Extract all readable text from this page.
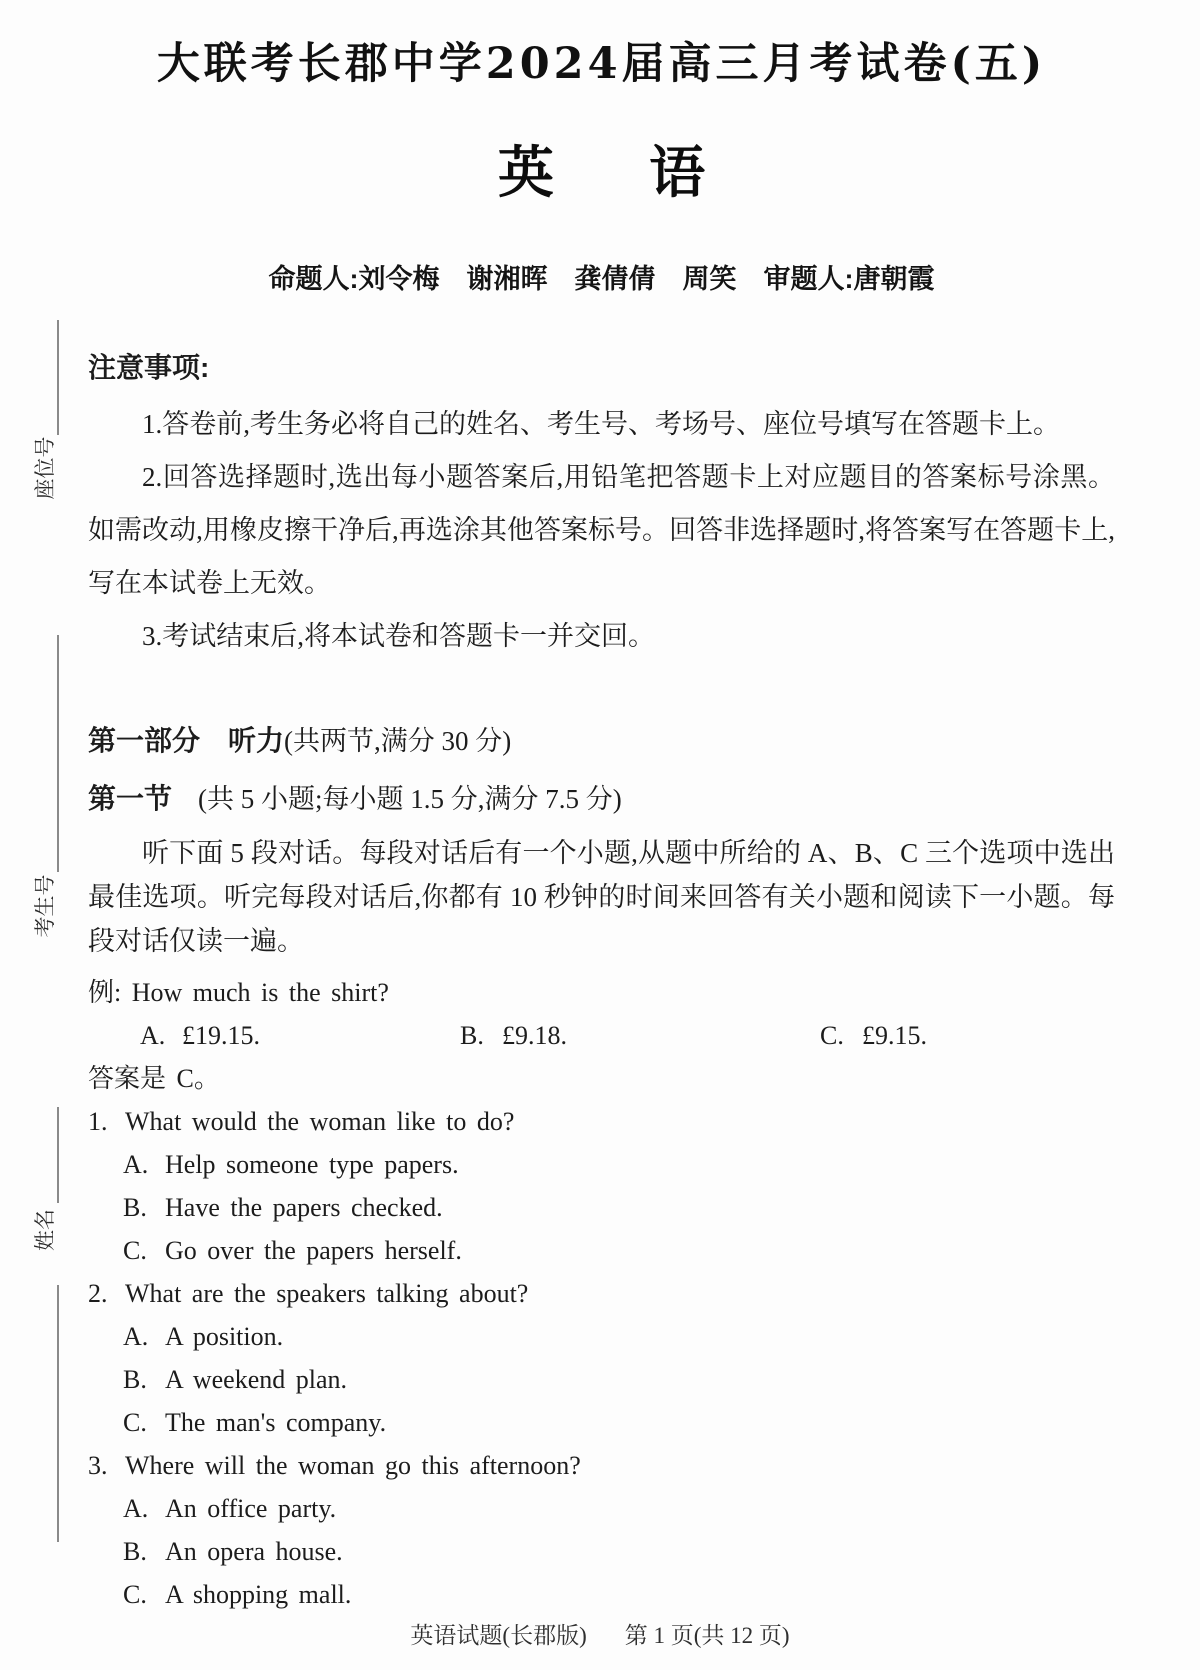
座位号
考生号
姓名
大联考长郡中学2024届高三月考试卷(五)
英语
命题人:刘令梅　谢湘晖　龚倩倩　周笑　审题人:唐朝霞
注意事项:
1.答卷前,考生务必将自己的姓名、考生号、考场号、座位号填写在答题卡上。
2.回答选择题时,选出每小题答案后,用铅笔把答题卡上对应题目的答案标号涂黑。如需改动,用橡皮擦干净后,再选涂其他答案标号。回答非选择题时,将答案写在答题卡上,写在本试卷上无效。
3.考试结束后,将本试卷和答题卡一并交回。
第一部分　听力(共两节,满分 30 分)
第一节 (共 5 小题;每小题 1.5 分,满分 7.5 分)
听下面 5 段对话。每段对话后有一个小题,从题中所给的 A、B、C 三个选项中选出最佳选项。听完每段对话后,你都有 10 秒钟的时间来回答有关小题和阅读下一小题。每段对话仅读一遍。
例: How much is the shirt?
A. £19.15.	B. £9.18.	C. £9.15.
答案是 C。
1. What would the woman like to do?
A. Help someone type papers.
B. Have the papers checked.
C. Go over the papers herself.
2. What are the speakers talking about?
A. A position.
B. A weekend plan.
C. The man's company.
3. Where will the woman go this afternoon?
A. An office party.
B. An opera house.
C. A shopping mall.
英语试题(长郡版) 第 1 页(共 12 页)
